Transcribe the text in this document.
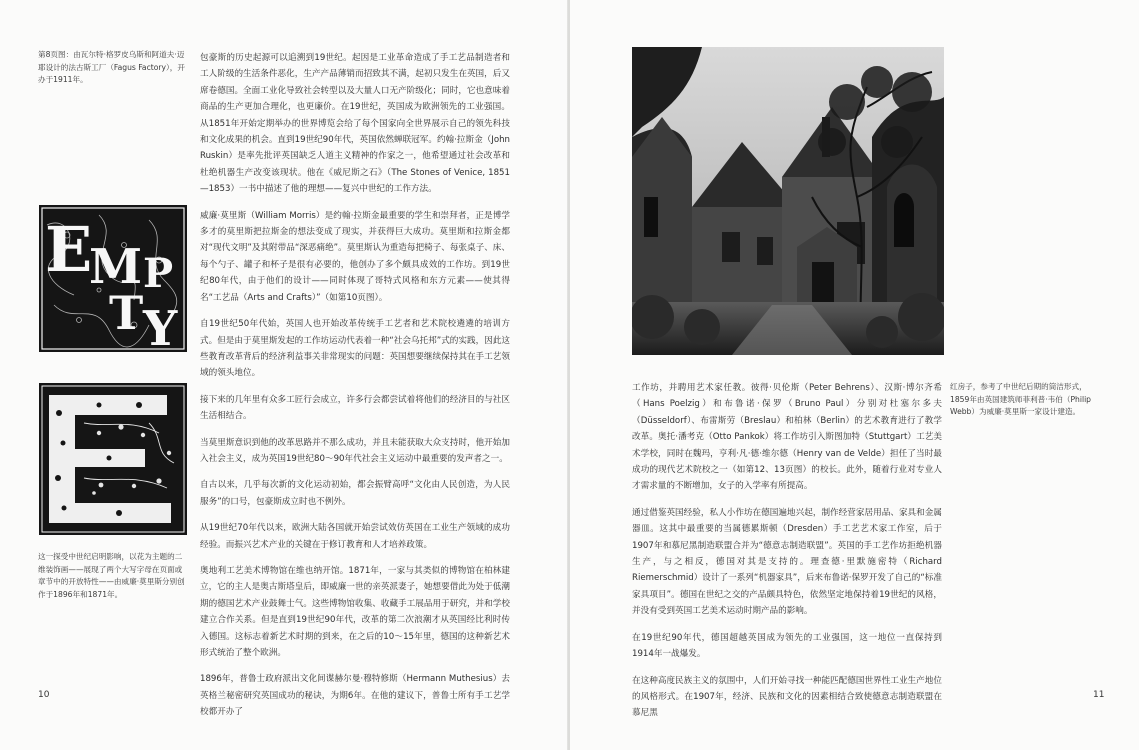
第8页图：由瓦尔特·格罗皮乌斯和阿道夫·迈耶设计的法古斯工厂（Fagus Factory），开办于1911年。
E
M P
T Y
这一探受中世纪启明影响，以花为主题的二维装饰画——展现了两个大写字母在页面或章节中的开放特性——由威廉·莫里斯分别创作于1896年和1871年。

包豪斯的历史起源可以追溯到19世纪。起因是工业革命造成了手工艺品制造者和工人阶级的生活条件恶化，生产产品薄销而招致其不满，起初只发生在英国，后又席卷德国。全面工业化导致社会转型以及大量人口无产阶级化；同时，它也意味着商品的生产更加合理化，也更廉价。在19世纪，英国成为欧洲领先的工业强国。从1851年开始定期举办的世界博览会给了每个国家向全世界展示自己的领先科技和文化成果的机会。直到19世纪90年代，英国依然蝉联冠军。约翰·拉斯金（John Ruskin）是率先批评英国缺乏人道主义精神的作家之一，他希望通过社会改革和杜绝机器生产改变该现状。他在《威尼斯之石》（The Stones of Venice, 1851—1853）一书中描述了他的理想——复兴中世纪的工作方法。

威廉·莫里斯（William Morris）是约翰·拉斯金最重要的学生和崇拜者，正是博学多才的莫里斯把拉斯金的想法变成了现实，并获得巨大成功。莫里斯和拉斯金都对“现代文明”及其附带品“深恶痛绝”。莫里斯认为重造每把椅子、每张桌子、床、每个勺子、罐子和杯子是很有必要的，他创办了多个颇具成效的工作坊。到19世纪80年代，由于他们的设计——同时体现了哥特式风格和东方元素——使其得名“工艺品（Arts and Crafts）”（如第10页图）。

自19世纪50年代始，英国人也开始改革传统手工艺者和艺术院校遴遴的培训方式。但是由于莫里斯发起的工作坊运动代表着一种“社会乌托邦”式的实践，因此这些教育改革背后的经济利益事关非常现实的问题：英国想要继续保持其在手工艺领域的领头地位。

接下来的几年里有众多工匠行会成立，许多行会都尝试着将他们的经济目的与社区生活相结合。

当莫里斯意识到他的改革思路并不那么成功，并且未能获取大众支持时，他开始加入社会主义，成为英国19世纪80～90年代社会主义运动中最重要的发声者之一。

自古以来，几乎每次新的文化运动初始，都会振臂高呼“文化由人民创造，为人民服务”的口号，包豪斯成立时也不例外。

从19世纪70年代以来，欧洲大陆各国就开始尝试效仿英国在工业生产领域的成功经验。而振兴艺术产业的关键在于修订教育和人才培养政策。

奥地利工艺美术博物馆在维也纳开馆。1871年，一家与其类似的博物馆在柏林建立，它的主人是奥古斯塔皇后，即威廉一世的亲英派妻子，她想要借此为处于低潮期的德国艺术产业鼓舞士气。这些博物馆收集、收藏手工展品用于研究，并和学校建立合作关系。但是直到19世纪90年代，改革的第二次浪潮才从英国经比利时传入德国。这标志着新艺术时期的到来，在之后的10～15年里，德国的这种新艺术形式统治了整个欧洲。

1896年，普鲁士政府派出文化间谍赫尔曼·穆特修斯（Hermann Muthesius）去英格兰秘密研究英国成功的秘诀，为期6年。在他的建议下，普鲁士所有手工艺学校都开办了

10
红房子，参考了中世纪后期的筒洁形式，1859年由英国建筑师菲利普·韦伯（Philip Webb）为威廉·莫里斯一家设计建造。

工作坊，并聘用艺术家任教。彼得·贝伦斯（Peter Behrens）、汉斯·博尔齐希（Hans Poelzig）和布鲁诺·保罗（Bruno Paul）分别对杜塞尔多夫（Düsseldorf）、布雷斯劳（Breslau）和柏林（Berlin）的艺术教育进行了教学改革。奥托·潘考克（Otto Pankok）将工作坊引入斯图加特（Stuttgart）工艺美术学校，同时在魏玛，亨利·凡·德·维尔德（Henry van de Velde）担任了当时最成功的现代艺术院校之一（如第12、13页图）的校长。此外，随着行业对专业人才需求量的不断增加，女子的入学率有所提高。

通过借鉴英国经验，私人小作坊在德国遍地兴起，制作经营家居用品、家具和金属器皿。这其中最重要的当属德累斯顿（Dresden）手工艺艺术家工作室，后于1907年和慕尼黑制造联盟合并为“德意志制造联盟”。英国的手工艺作坊拒绝机器生产，与之相反，德国对其是支持的。理查德·里默施密特（Richard Riemerschmid）设计了一系列“机器家具”，后来布鲁诺·保罗开发了自己的“标准家具项目”。德国在世纪之交的产品颇具特色，依然坚定地保持着19世纪的风格，并没有受到英国工艺美术运动时期产品的影响。

在19世纪90年代，德国超越英国成为领先的工业强国，这一地位一直保持到1914年一战爆发。

在这种高度民族主义的氛围中，人们开始寻找一种能匹配德国世界性工业生产地位的风格形式。在1907年，经济、民族和文化的因素相结合致使德意志制造联盟在慕尼黑

11
